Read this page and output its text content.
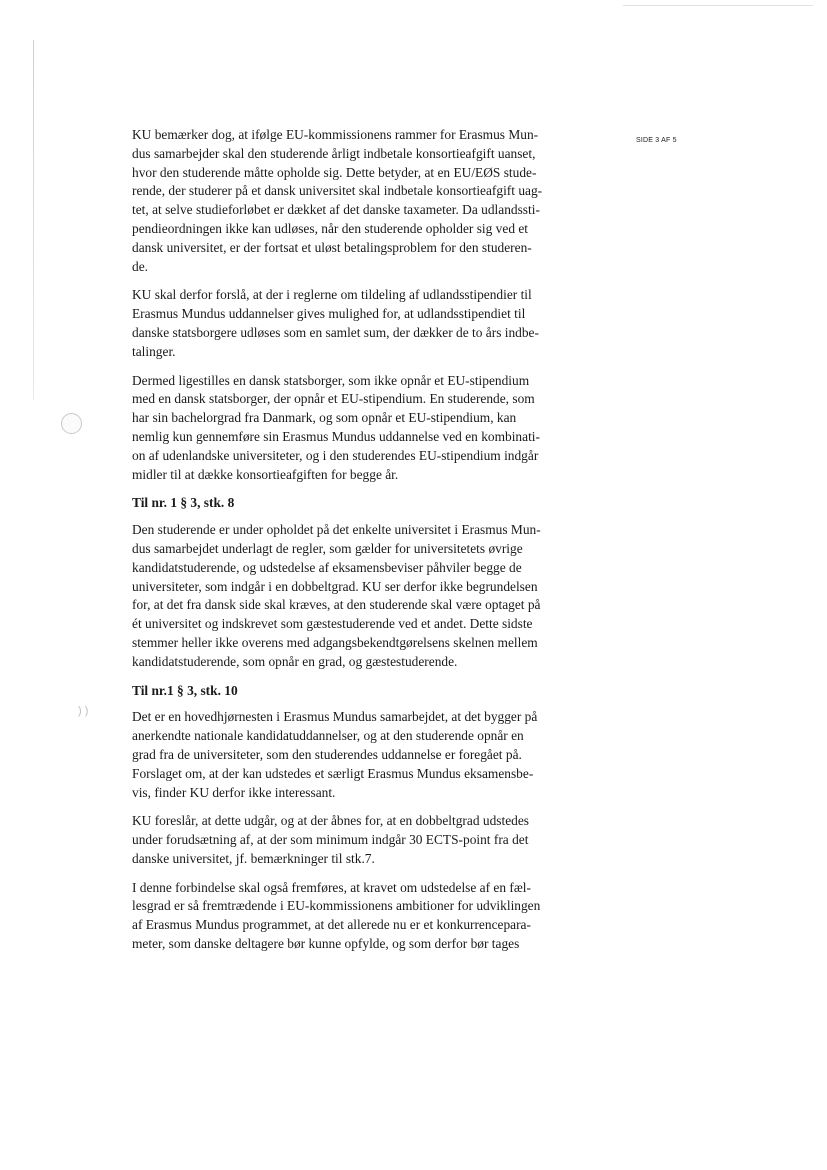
) )
SIDE 3 AF 5

KU bemærker dog, at ifølge EU-kommissionens rammer for Erasmus Mun-
dus samarbejder skal den studerende årligt indbetale konsortieafgift uanset,
hvor den studerende måtte opholde sig. Dette betyder, at en EU/EØS stude-
rende, der studerer på et dansk universitet skal indbetale konsortieafgift uag-
tet, at selve studieforløbet er dækket af det danske taxameter. Da udlandssti-
pendieordningen ikke kan udløses, når den studerende opholder sig ved et
dansk universitet, er der fortsat et uløst betalingsproblem for den studeren-
de.

KU skal derfor forslå, at der i reglerne om tildeling af udlandsstipendier til
Erasmus Mundus uddannelser gives mulighed for, at udlandsstipendiet til
danske statsborgere udløses som en samlet sum, der dækker de to års indbe-
talinger.

Dermed ligestilles en dansk statsborger, som ikke opnår et EU-stipendium
med en dansk statsborger, der opnår et EU-stipendium. En studerende, som
har sin bachelorgrad fra Danmark, og som opnår et EU-stipendium, kan
nemlig kun gennemføre sin Erasmus Mundus uddannelse ved en kombinati-
on af udenlandske universiteter, og i den studerendes EU-stipendium indgår
midler til at dække konsortieafgiften for begge år.

Til nr. 1 § 3, stk. 8

Den studerende er under opholdet på det enkelte universitet i Erasmus Mun-
dus samarbejdet underlagt de regler, som gælder for universitetets øvrige
kandidatstuderende, og udstedelse af eksamensbeviser påhviler begge de
universiteter, som indgår i en dobbeltgrad. KU ser derfor ikke begrundelsen
for, at det fra dansk side skal kræves, at den studerende skal være optaget på
ét universitet og indskrevet som gæstestuderende ved et andet. Dette sidste
stemmer heller ikke overens med adgangsbekendtgørelsens skelnen mellem
kandidatstuderende, som opnår en grad, og gæstestuderende.

Til nr.1 § 3, stk. 10

Det er en hovedhjørnesten i Erasmus Mundus samarbejdet, at det bygger på
anerkendte nationale kandidatuddannelser, og at den studerende opnår en
grad fra de universiteter, som den studerendes uddannelse er foregået på.
Forslaget om, at der kan udstedes et særligt Erasmus Mundus eksamensbe-
vis, finder KU derfor ikke interessant.

KU foreslår, at dette udgår, og at der åbnes for, at en dobbeltgrad udstedes
under forudsætning af, at der som minimum indgår 30 ECTS-point fra det
danske universitet, jf. bemærkninger til stk.7.

I denne forbindelse skal også fremføres, at kravet om udstedelse af en fæl-
lesgrad er så fremtrædende i EU-kommissionens ambitioner for udviklingen
af Erasmus Mundus programmet, at det allerede nu er et konkurrencepara-
meter, som danske deltagere bør kunne opfylde, og som derfor bør tages
